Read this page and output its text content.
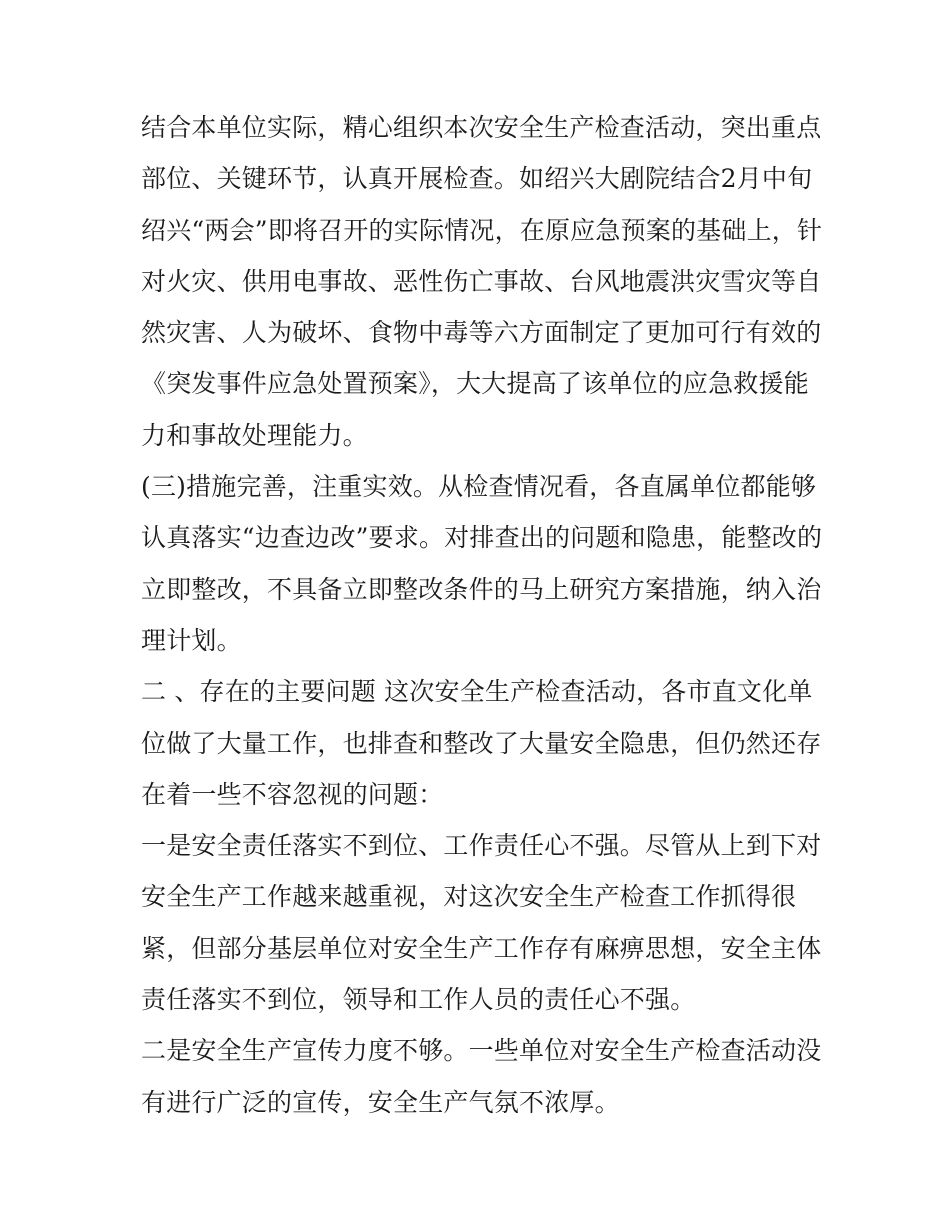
结合本单位实际，精心组织本次安全生产检查活动，突出重点
部位、关键环节，认真开展检查。如绍兴大剧院结合2月中旬
绍兴“两会”即将召开的实际情况，在原应急预案的基础上，针
对火灾、供用电事故、恶性伤亡事故、台风地震洪灾雪灾等自
然灾害、人为破坏、食物中毒等六方面制定了更加可行有效的
《突发事件应急处置预案》，大大提高了该单位的应急救援能
力和事故处理能力。
(三)措施完善，注重实效。从检查情况看，各直属单位都能够
认真落实“边查边改”要求。对排查出的问题和隐患，能整改的
立即整改，不具备立即整改条件的马上研究方案措施，纳入治
理计划。
二 、存在的主要问题 这次安全生产检查活动，各市直文化单
位做了大量工作，也排查和整改了大量安全隐患，但仍然还存
在着一些不容忽视的问题：
一是安全责任落实不到位、工作责任心不强。尽管从上到下对
安全生产工作越来越重视，对这次安全生产检查工作抓得很
紧，但部分基层单位对安全生产工作存有麻痹思想，安全主体
责任落实不到位，领导和工作人员的责任心不强。
二是安全生产宣传力度不够。一些单位对安全生产检查活动没
有进行广泛的宣传，安全生产气氛不浓厚。
